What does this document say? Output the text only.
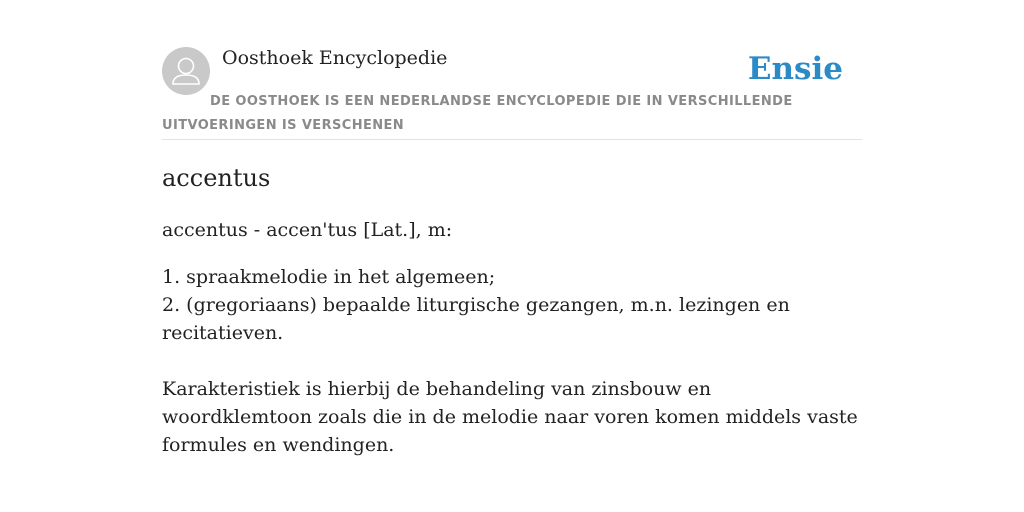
Oosthoek Encyclopedie	Ensie
DE OOSTHOEK IS EEN NEDERLANDSE ENCYCLOPEDIE DIE IN VERSCHILLENDE UITVOERINGEN IS VERSCHENEN
accentus

accentus - accen'tus [Lat.], m:

1. spraakmelodie in het algemeen;
2. (gregoriaans) bepaalde liturgische gezangen, m.n. lezingen en recitatieven.

Karakteristiek is hierbij de behandeling van zinsbouw en woordklemtoon zoals die in de melodie naar voren komen middels vaste formules en wendingen.
